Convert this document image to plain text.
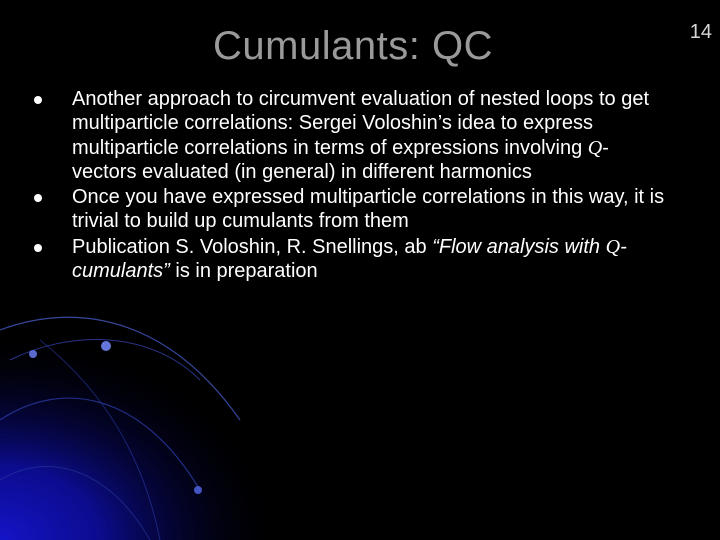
Cumulants: QC	14
Another approach to circumvent evaluation of nested loops to get multiparticle correlations: Sergei Voloshin’s idea to express multiparticle correlations in terms of expressions involving Q-vectors evaluated (in general) in different harmonics
Once you have expressed multiparticle correlations in this way, it is trivial to build up cumulants from them
Publication S. Voloshin, R. Snellings, ab “Flow analysis with Q-cumulants” is in preparation
